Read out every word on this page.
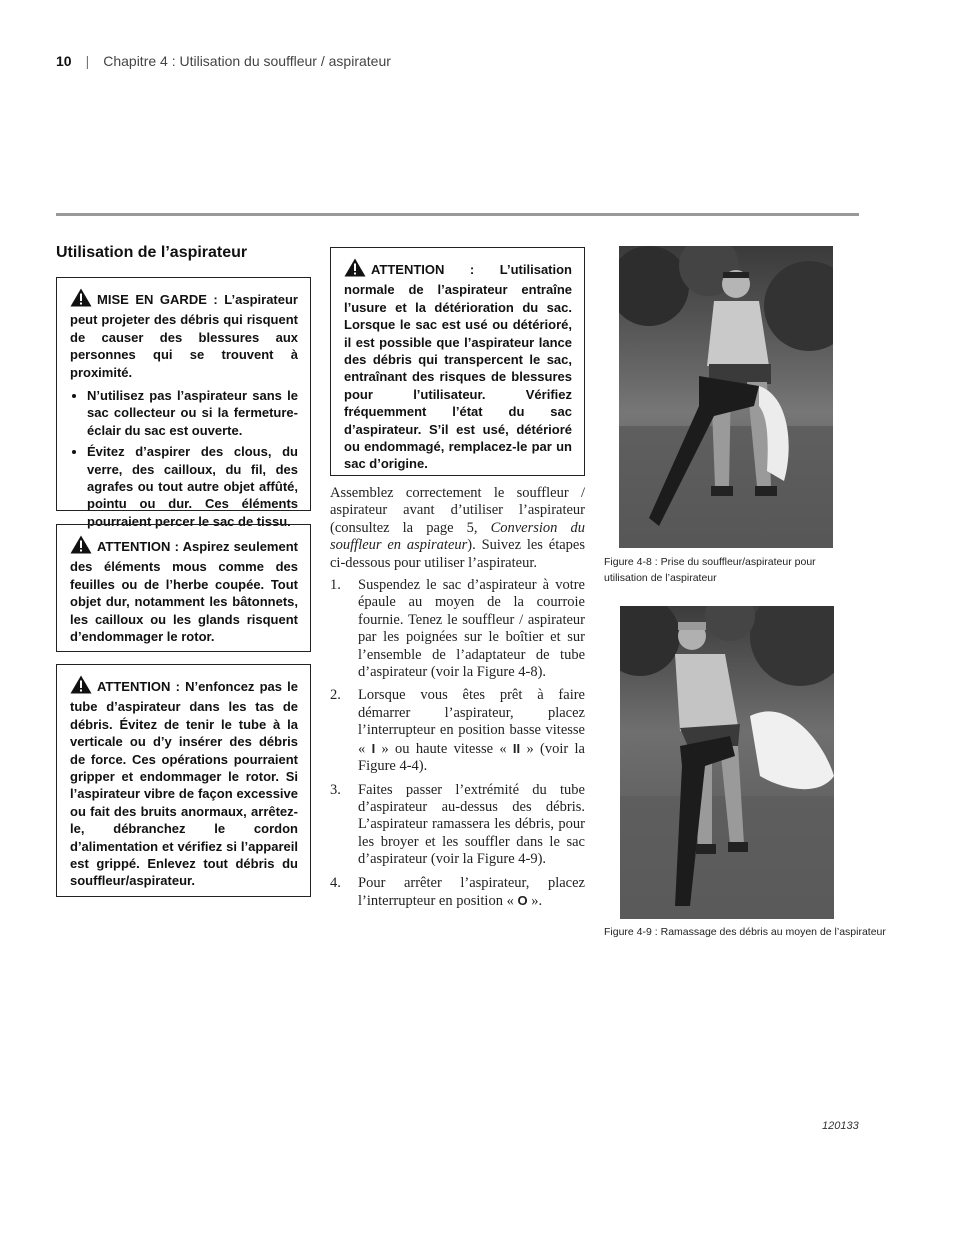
10 | Chapitre 4 : Utilisation du souffleur / aspirateur
Utilisation de l’aspirateur

MISE EN GARDE : L’aspirateur peut projeter des débris qui risquent de causer des blessures aux personnes qui se trouvent à proximité.

• N’utilisez pas l’aspirateur sans le sac collecteur ou si la fermeture-éclair du sac est ouverte.
• Évitez d’aspirer des clous, du verre, des cailloux, du fil, des agrafes ou tout autre objet affûté, pointu ou dur. Ces éléments pourraient percer le sac de tissu.

ATTENTION : Aspirez seulement des éléments mous comme des feuilles ou de l’herbe coupée. Tout objet dur, notamment les bâtonnets, les cailloux ou les glands risquent d’endommager le rotor.

ATTENTION : N’enfoncez pas le tube d’aspirateur dans les tas de débris. Évitez de tenir le tube à la verticale ou d’y insérer des débris de force. Ces opérations pourraient gripper et endommager le rotor. Si l’aspirateur vibre de façon excessive ou fait des bruits anormaux, arrêtez-le, débranchez le cordon d’alimentation et vérifiez si l’appareil est grippé. Enlevez tout débris du souffleur/aspirateur.

ATTENTION : L’utilisation normale de l’aspirateur entraîne l’usure et la détérioration du sac. Lorsque le sac est usé ou détérioré, il est possible que l’aspirateur lance des débris qui transpercent le sac, entraînant des risques de blessures pour l’utilisateur. Vérifiez fréquemment l’état du sac d’aspirateur. S’il est usé, détérioré ou endommagé, remplacez-le par un sac d’origine.

Assemblez correctement le souffleur / aspirateur avant d’utiliser l’aspirateur (consultez la page 5, Conversion du souffleur en aspirateur). Suivez les étapes ci-dessous pour utiliser l’aspirateur.

1.	Suspendez le sac d’aspirateur à votre épaule au moyen de la courroie fournie. Tenez le souffleur / aspirateur par les poignées sur le boîtier et sur l’ensemble de l’adaptateur de tube d’aspirateur (voir la Figure 4-8).
2.	Lorsque vous êtes prêt à faire démarrer l’aspirateur, placez l’interrupteur en position basse vitesse « I » ou haute vitesse « II » (voir la Figure 4-4).
3.	Faites passer l’extrémité du tube d’aspirateur au-dessus des débris. L’aspirateur ramassera les débris, pour les broyer et les souffler dans le sac d’aspirateur (voir la Figure 4-9).
4.	Pour arrêter l’aspirateur, placez l’interrupteur en position « O ».
Figure 4-8 : Prise du souffleur/aspirateur pour utilisation de l’aspirateur
Figure 4-9 : Ramassage des débris au moyen de l’aspirateur
120133
